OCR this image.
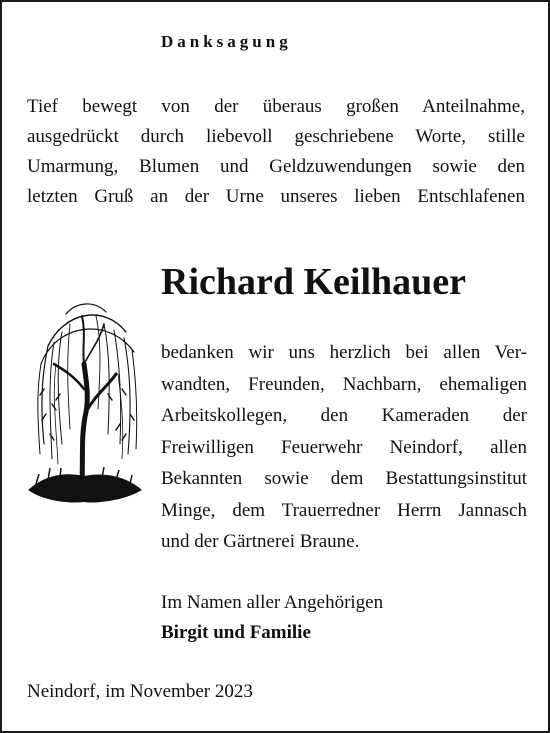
Danksagung
Tief bewegt von der überaus großen Anteilnahme,
ausgedrückt durch liebevoll geschriebene Worte, stille
Umarmung, Blumen und Geldzuwendungen sowie den
letzten Gruß an der Urne unseres lieben Entschlafenen
Richard Keilhauer
bedanken wir uns herzlich bei allen Ver-
wandten, Freunden, Nachbarn, ehemaligen
Arbeitskollegen, den Kameraden der
Freiwilligen Feuerwehr Neindorf, allen
Bekannten sowie dem Bestattungsinstitut
Minge, dem Trauerredner Herrn Jannasch
und der Gärtnerei Braune.
Im Namen aller Angehörigen
Birgit und Familie
Neindorf, im November 2023
